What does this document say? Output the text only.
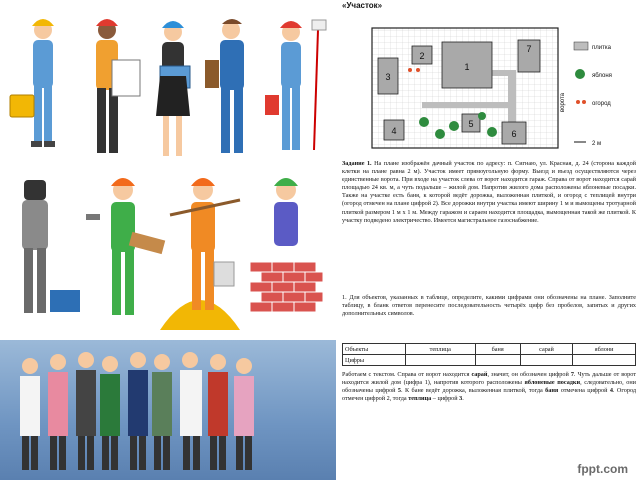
«Участок»
1
2
3
4
5
6
7
ворота
плитка
яблоня
огород
2 м
Задание 1. На плане изображён дачный участок по адресу: п. Сигнаю, ул. Красная, д. 24 (сторона каждой клетки на плане равна 2 м). Участок имеет прямоугольную форму. Выезд и въезд осуществляются через единственные ворота. При входе на участок слева от ворот находится гараж. Справа от ворот находится сарай площадью 24 кв. м, а чуть подальше – жилой дом. Напротив жилого дома расположены яблоневые посадки. Также на участке есть баня, к которой ведёт дорожка, выложенная плиткой, и огород с теплицей внутри (огород отмечен на плане цифрой 2). Все дорожки внутри участка имеют ширину 1 м и вымощены тротуарной плиткой размером 1 м х 1 м. Между гаражом и сараем находится площадка, вымощенная такой же плиткой. К участку подведено электричество. Имеется магистральное газоснабжение.
1. Для объектов, указанных в таблице, определите, какими цифрами они обозначены на плане. Заполните таблицу, в бланк ответов перенесите последовательность четырёх цифр без пробелов, запятых и других дополнительных символов.
Объекты	теплица	баня	сарай	яблони
Цифры				
Работаем с текстом. Справа от ворот находится сарай, значит, он обозначен цифрой 7. Чуть дальше от ворот находится жилой дом (цифра 1), напротив которого расположены яблоневые посадки, следовательно, они обозначены цифрой 5. К бане ведёт дорожка, выложенная плиткой, тогда баня отмечена цифрой 4. Огород отмечен цифрой 2, тогда теплица – цифрой 3.
fppt.com
